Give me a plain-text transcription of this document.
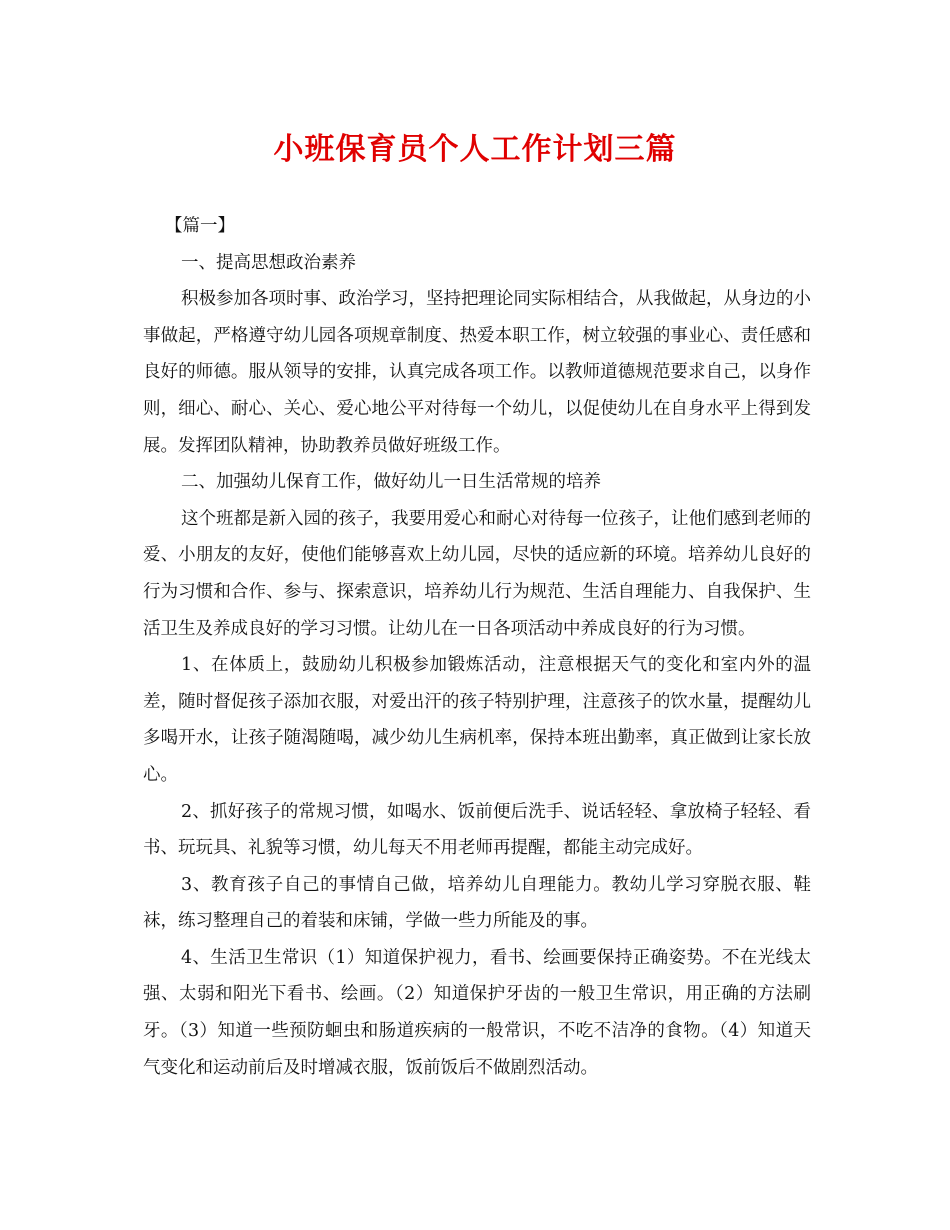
小班保育员个人工作计划三篇

【篇一】

一、提高思想政治素养

积极参加各项时事、政治学习，坚持把理论同实际相结合，从我做起，从身边的小事做起，严格遵守幼儿园各项规章制度、热爱本职工作，树立较强的事业心、责任感和良好的师德。服从领导的安排，认真完成各项工作。以教师道德规范要求自己，以身作则，细心、耐心、关心、爱心地公平对待每一个幼儿，以促使幼儿在自身水平上得到发展。发挥团队精神，协助教养员做好班级工作。

二、加强幼儿保育工作，做好幼儿一日生活常规的培养

这个班都是新入园的孩子，我要用爱心和耐心对待每一位孩子，让他们感到老师的爱、小朋友的友好，使他们能够喜欢上幼儿园，尽快的适应新的环境。培养幼儿良好的行为习惯和合作、参与、探索意识，培养幼儿行为规范、生活自理能力、自我保护、生活卫生及养成良好的学习习惯。让幼儿在一日各项活动中养成良好的行为习惯。

1、在体质上，鼓励幼儿积极参加锻炼活动，注意根据天气的变化和室内外的温差，随时督促孩子添加衣服，对爱出汗的孩子特别护理，注意孩子的饮水量，提醒幼儿多喝开水，让孩子随渴随喝，减少幼儿生病机率，保持本班出勤率，真正做到让家长放心。

2、抓好孩子的常规习惯，如喝水、饭前便后洗手、说话轻轻、拿放椅子轻轻、看书、玩玩具、礼貌等习惯，幼儿每天不用老师再提醒，都能主动完成好。

3、教育孩子自己的事情自己做，培养幼儿自理能力。教幼儿学习穿脱衣服、鞋袜，练习整理自己的着装和床铺，学做一些力所能及的事。

4、生活卫生常识（1）知道保护视力，看书、绘画要保持正确姿势。不在光线太强、太弱和阳光下看书、绘画。（2）知道保护牙齿的一般卫生常识，用正确的方法刷牙。（3）知道一些预防蛔虫和肠道疾病的一般常识，不吃不洁净的食物。（4）知道天气变化和运动前后及时增减衣服，饭前饭后不做剧烈活动。
